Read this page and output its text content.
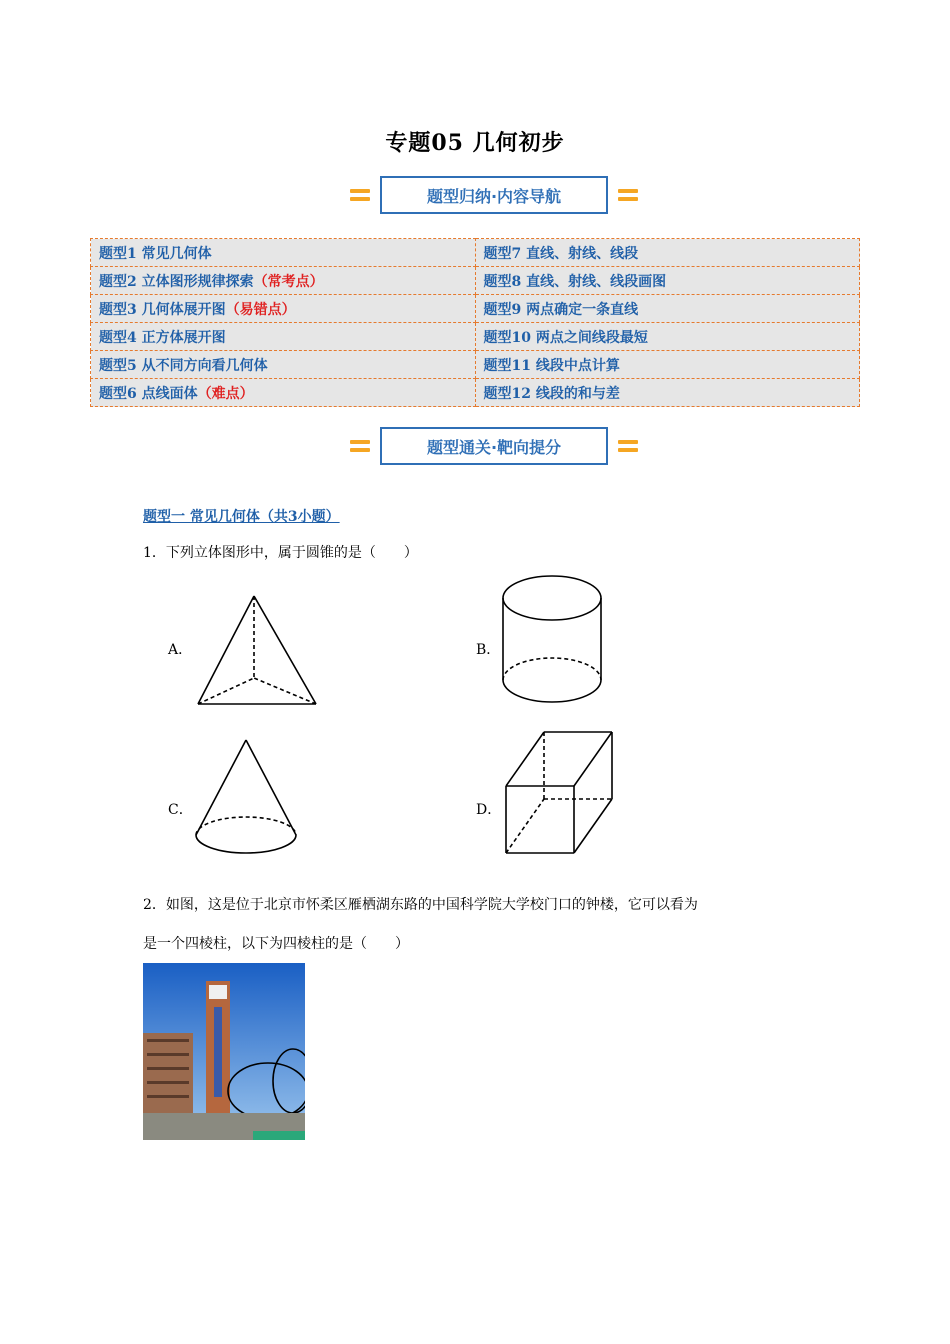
专题05 几何初步
题型归纳·内容导航
题型1 常见几何体	题型7 直线、射线、线段
题型2 立体图形规律探索（常考点）	题型8 直线、射线、线段画图
题型3 几何体展开图（易错点）	题型9 两点确定一条直线
题型4 正方体展开图	题型10 两点之间线段最短
题型5 从不同方向看几何体	题型11 线段中点计算
题型6 点线面体（难点）	题型12 线段的和与差
题型通关·靶向提分
题型一 常见几何体（共3小题）
1．下列立体图形中，属于圆锥的是（　　）
A．	B．
C．	D．
2．如图，这是位于北京市怀柔区雁栖湖东路的中国科学院大学校门口的钟楼，它可以看为
是一个四棱柱，以下为四棱柱的是（　　）
